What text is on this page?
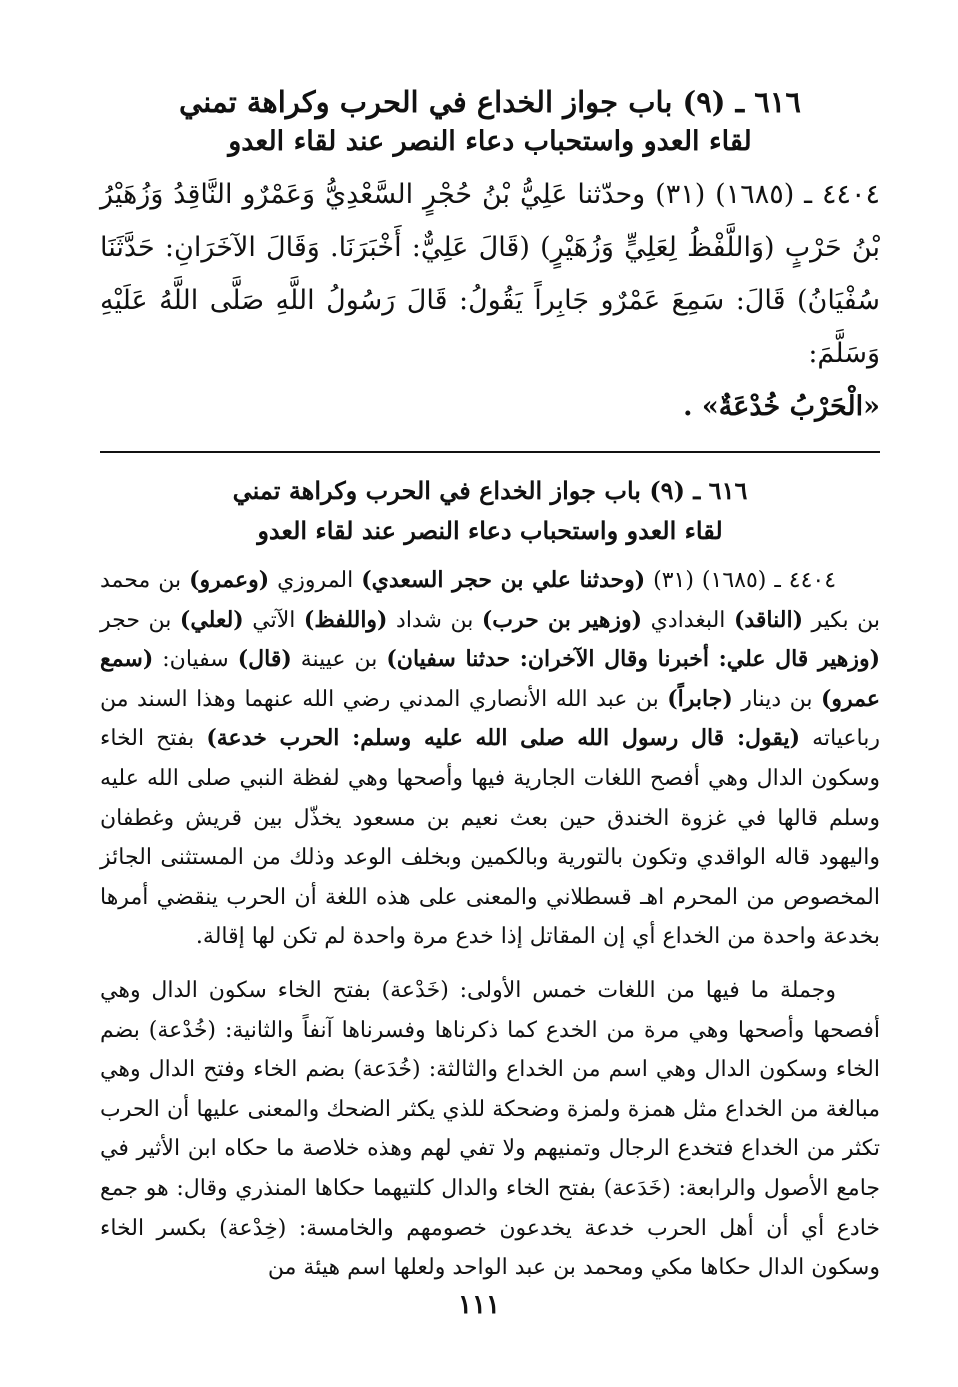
٦١٦ ـ (٩) باب جواز الخداع في الحرب وكراهة تمني
لقاء العدو واستحباب دعاء النصر عند لقاء العدو

٤٤٠٤ ـ (١٦٨٥) (٣١) وحدّثنا عَلِيُّ بْنُ حُجْرٍ السَّعْدِيُّ وَعَمْرٌو النَّاقِدُ وَزُهَيْرُ بْنُ حَرْبٍ (وَاللَّفْظُ لِعَلِيٍّ وَزُهَيْرٍ) (قَالَ عَلِيٌّ: أَخْبَرَنَا. وَقَالَ الآخَرَانِ: حَدَّثَنَا سُفْيَانُ) قَالَ: سَمِعَ عَمْرٌو جَابِراً يَقُولُ: قَالَ رَسُولُ اللَّهِ صَلَّى اللَّهُ عَلَيْهِ وَسَلَّمَ:
«الْحَرْبُ خُدْعَةٌ» .

٦١٦ ـ (٩) باب جواز الخداع في الحرب وكراهة تمني
لقاء العدو واستحباب دعاء النصر عند لقاء العدو

٤٤٠٤ ـ (١٦٨٥) (٣١) (وحدثنا علي بن حجر السعدي) المروزي (وعمرو) بن محمد بن بكير (الناقد) البغدادي (وزهير بن حرب) بن شداد (واللفظ) الآتي (لعلي) بن حجر (وزهير قال علي: أخبرنا وقال الآخران: حدثنا سفيان) بن عيينة (قال) سفيان: (سمع عمرو) بن دينار (جابراً) بن عبد الله الأنصاري المدني رضي الله عنهما وهذا السند من رباعياته (يقول: قال رسول الله صلى الله عليه وسلم: الحرب خدعة) بفتح الخاء وسكون الدال وهي أفصح اللغات الجارية فيها وأصحها وهي لفظة النبي صلى الله عليه وسلم قالها في غزوة الخندق حين بعث نعيم بن مسعود يخذّل بين قريش وغطفان واليهود قاله الواقدي وتكون بالتورية وبالكمين وبخلف الوعد وذلك من المستثنى الجائز المخصوص من المحرم اهـ قسطلاني والمعنى على هذه اللغة أن الحرب ينقضي أمرها بخدعة واحدة من الخداع أي إن المقاتل إذا خدع مرة واحدة لم تكن لها إقالة.

وجملة ما فيها من اللغات خمس الأولى: (خَدْعة) بفتح الخاء سكون الدال وهي أفصحها وأصحها وهي مرة من الخدع كما ذكرناها وفسرناها آنفاً والثانية: (خُدْعة) بضم الخاء وسكون الدال وهي اسم من الخداع والثالثة: (خُدَعة) بضم الخاء وفتح الدال وهي مبالغة من الخداع مثل همزة ولمزة وضحكة للذي يكثر الضحك والمعنى عليها أن الحرب تكثر من الخداع فتخدع الرجال وتمنيهم ولا تفي لهم وهذه خلاصة ما حكاه ابن الأثير في جامع الأصول والرابعة: (خَدَعة) بفتح الخاء والدال كلتيهما حكاها المنذري وقال: هو جمع خادع أي أن أهل الحرب خدعة يخدعون خصومهم والخامسة: (خِدْعة) بكسر الخاء وسكون الدال حكاها مكي ومحمد بن عبد الواحد ولعلها اسم هيئة من

١١١
